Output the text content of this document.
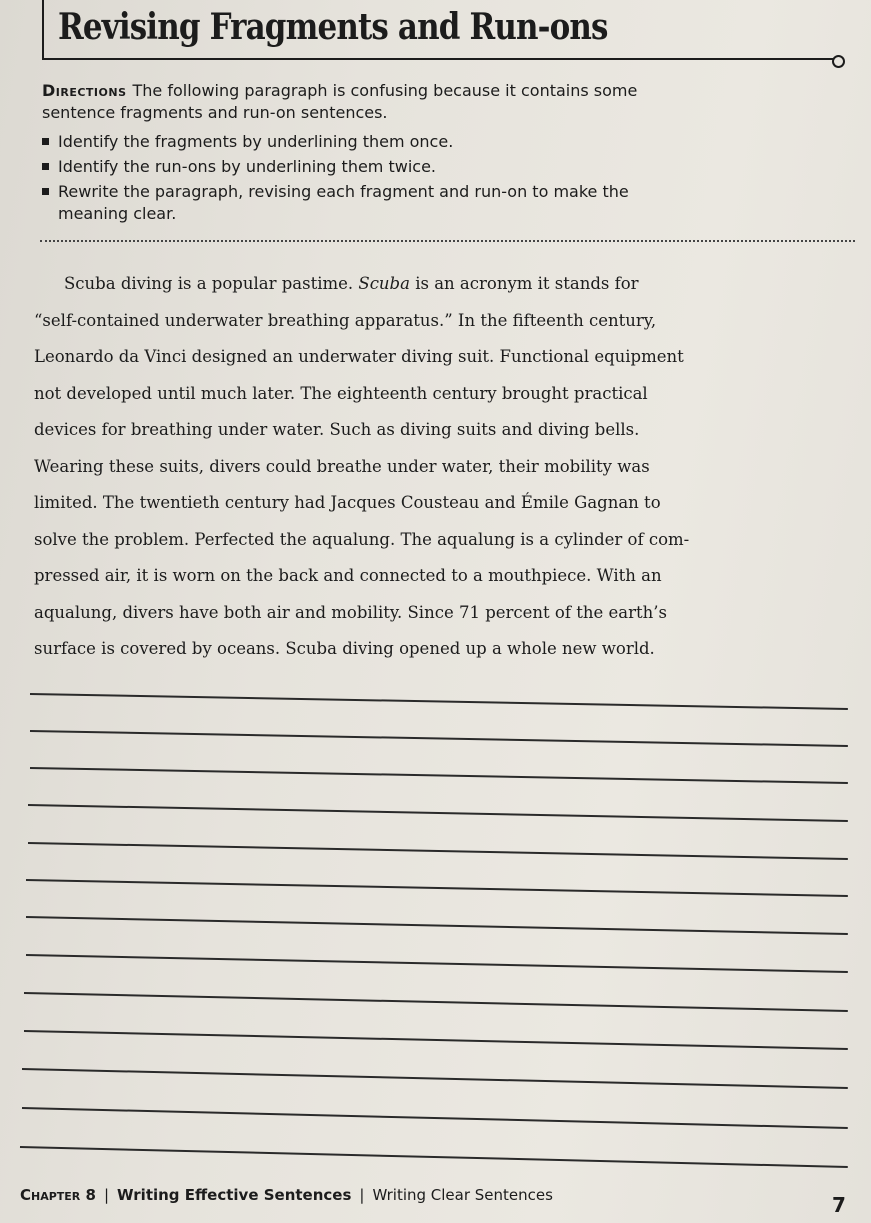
Revising Fragments and Run-ons
Directions The following paragraph is confusing because it contains some
sentence fragments and run-on sentences.
Identify the fragments by underlining them once.
Identify the run-ons by underlining them twice.
Rewrite the paragraph, revising each fragment and run-on to make the
meaning clear.
Scuba diving is a popular pastime. Scuba is an acronym it stands for
“self-contained underwater breathing apparatus.” In the fifteenth century,
Leonardo da Vinci designed an underwater diving suit. Functional equipment
not developed until much later. The eighteenth century brought practical
devices for breathing under water. Such as diving suits and diving bells.
Wearing these suits, divers could breathe under water, their mobility was
limited. The twentieth century had Jacques Cousteau and Émile Gagnan to
solve the problem. Perfected the aqualung. The aqualung is a cylinder of com-
pressed air, it is worn on the back and connected to a mouthpiece. With an
aqualung, divers have both air and mobility. Since 71 percent of the earth’s
surface is covered by oceans. Scuba diving opened up a whole new world.
Chapter 8 | Writing Effective Sentences | Writing Clear Sentences	7
